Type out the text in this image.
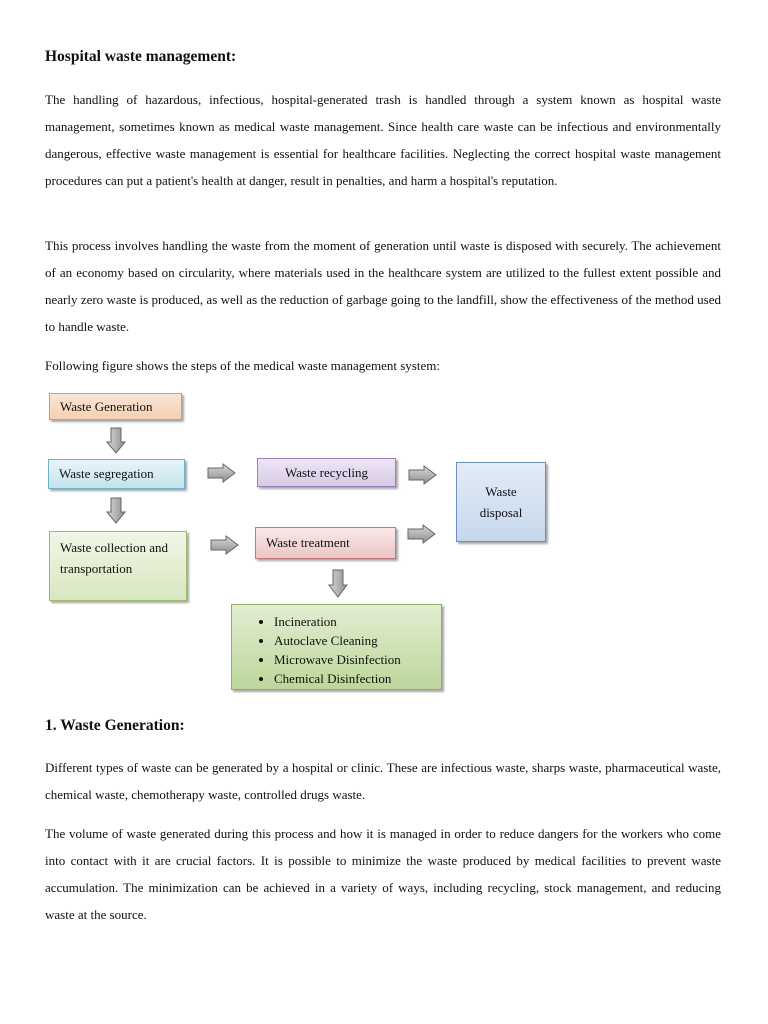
Hospital waste management:

The handling of hazardous, infectious, hospital-generated trash is handled through a system known as hospital waste management, sometimes known as medical waste management. Since health care waste can be infectious and environmentally dangerous, effective waste management is essential for healthcare facilities. Neglecting the correct hospital waste management procedures can put a patient's health at danger, result in penalties, and harm a hospital's reputation.

This process involves handling the waste from the moment of generation until waste is disposed with securely. The achievement of an economy based on circularity, where materials used in the healthcare system are utilized to the fullest extent possible and nearly zero waste is produced, as well as the reduction of garbage going to the landfill, show the effectiveness of the method used to handle waste.

Following figure shows the steps of the medical waste management system:

Waste Generation
Waste segregation	Waste recycling
Waste disposal
Waste collection and transportation
Waste treatment
• Incineration
• Autoclave Cleaning
• Microwave Disinfection
• Chemical Disinfection
1. Waste Generation:

Different types of waste can be generated by a hospital or clinic. These are infectious waste, sharps waste, pharmaceutical waste, chemical waste, chemotherapy waste, controlled drugs waste.

The volume of waste generated during this process and how it is managed in order to reduce dangers for the workers who come into contact with it are crucial factors. It is possible to minimize the waste produced by medical facilities to prevent waste accumulation. The minimization can be achieved in a variety of ways, including recycling, stock management, and reducing waste at the source.
